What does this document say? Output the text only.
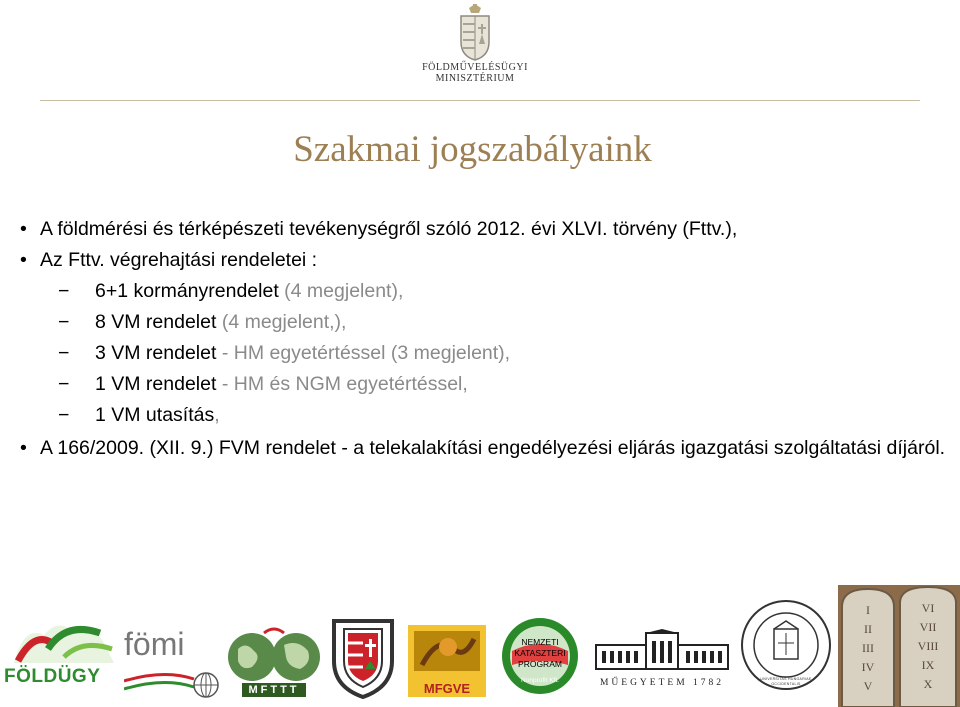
FÖLDMŰVELÉSÜGYI
MINISZTÉRIUM
Szakmai jogszabályaink
• A földmérési és térképészeti tevékenységről szóló 2012. évi XLVI. törvény (Fttv.),
• Az Fttv. végrehajtási rendeletei :
− 6+1 kormányrendelet (4 megjelent),
− 8 VM rendelet (4 megjelent,),
− 3 VM rendelet - HM egyetértéssel (3 megjelent),
− 1 VM rendelet - HM és NGM egyetértéssel,
− 1 VM utasítás,
• A 166/2009. (XII. 9.) FVM rendelet - a telekalakítási engedélyezési eljárás igazgatási szolgáltatási díjáról.
FÖLDÜGY
fömi
MFTTT	MFGVE
NEMZETI
KATASZTERI
PROGRAM
Nonprofit Kft.	MŰEGYETEM 1782	UNIVERSITAS HUNGARIAE OCCIDENTALIS
I
II
III
IV
V
VI
VII
VIII
IX
X
